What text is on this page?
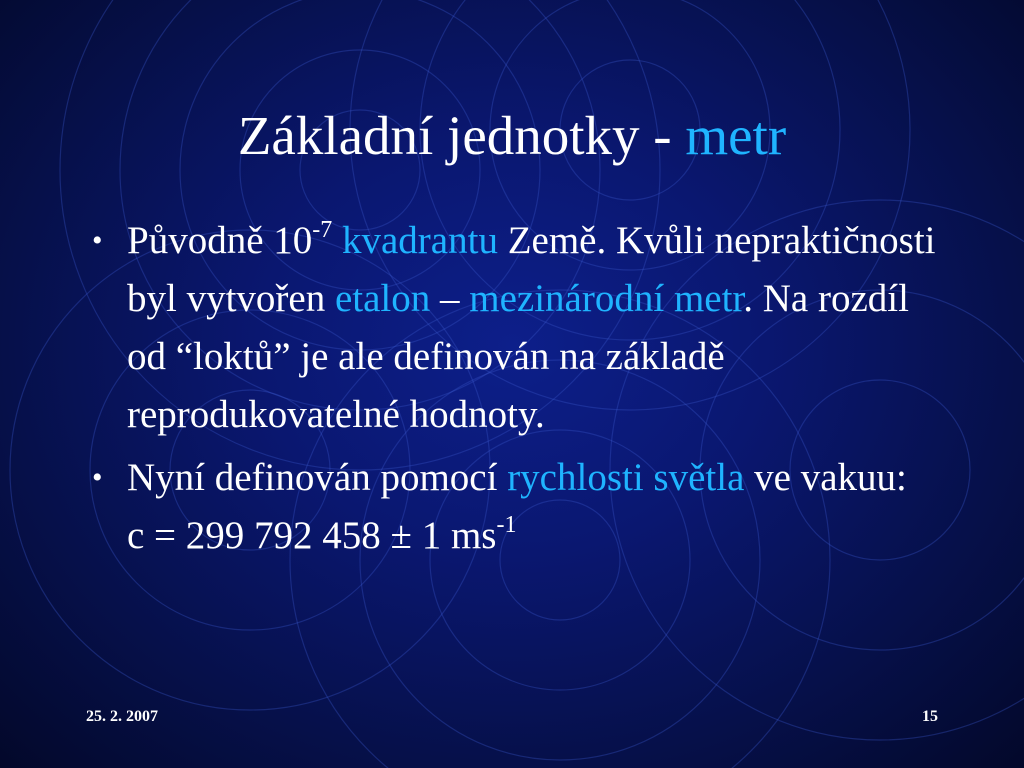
Základní jednotky - metr
• Původně $10^{-7}$ kvadrantu Země. Kvůli nepraktičnosti byl vytvořen etalon – mezinárodní metr. Na rozdíl od “loktů” je ale definován na základě reprodukovatelné hodnoty.
• Nyní definován pomocí rychlosti světla ve vakuu:   c = 299 792 458 ± 1 $ms^{-1}$
25. 2. 2007	15
